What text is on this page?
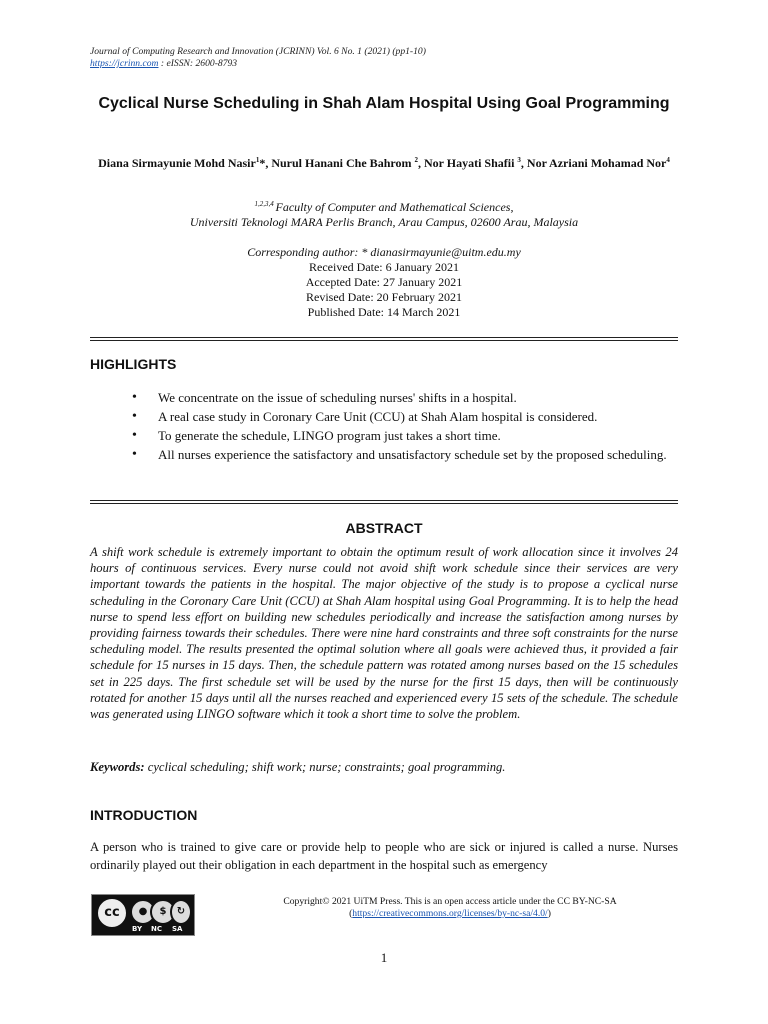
Journal of Computing Research and Innovation (JCRINN) Vol. 6 No. 1 (2021) (pp1-10)
https://jcrinn.com : eISSN: 2600-8793
Cyclical Nurse Scheduling in Shah Alam Hospital Using Goal Programming
Diana Sirmayunie Mohd Nasir$^1$*, Nurul Hanani Che Bahrom $^2$, Nor Hayati Shafii $^3$, Nor Azriani Mohamad Nor$^4$
$^{1,2,3,4}$ Faculty of Computer and Mathematical Sciences,
Universiti Teknologi MARA Perlis Branch, Arau Campus, 02600 Arau, Malaysia
Corresponding author: * dianasirmayunie@uitm.edu.my
Received Date: 6 January 2021
Accepted Date: 27 January 2021
Revised Date: 20 February 2021
Published Date: 14 March 2021
HIGHLIGHTS
• We concentrate on the issue of scheduling nurses' shifts in a hospital.
• A real case study in Coronary Care Unit (CCU) at Shah Alam hospital is considered.
• To generate the schedule, LINGO program just takes a short time.
• All nurses experience the satisfactory and unsatisfactory schedule set by the proposed scheduling.
ABSTRACT
A shift work schedule is extremely important to obtain the optimum result of work allocation since it involves 24 hours of continuous services. Every nurse could not avoid shift work schedule since their services are very important towards the patients in the hospital. The major objective of the study is to propose a cyclical nurse scheduling in the Coronary Care Unit (CCU) at Shah Alam hospital using Goal Programming. It is to help the head nurse to spend less effort on building new schedules periodically and increase the satisfaction among nurses by providing fairness towards their schedules. There were nine hard constraints and three soft constraints for the nurse scheduling model. The results presented the optimal solution where all goals were achieved thus, it provided a fair schedule for 15 nurses in 15 days. Then, the schedule pattern was rotated among nurses based on the 15 schedules set in 225 days. The first schedule set will be used by the nurse for the first 15 days, then will be continuously rotated for another 15 days until all the nurses reached and experienced every 15 sets of the schedule. The schedule was generated using LINGO software which it took a short time to solve the problem.
Keywords: cyclical scheduling; shift work; nurse; constraints; goal programming.
INTRODUCTION
A person who is trained to give care or provide help to people who are sick or injured is called a nurse. Nurses ordinarily played out their obligation in each department in the hospital such as emergency
cc	●	$	↻
BY NC SA
Copyright© 2021 UiTM Press. This is an open access article under the CC BY-NC-SA
(https://creativecommons.org/licenses/by-nc-sa/4.0/)
1
